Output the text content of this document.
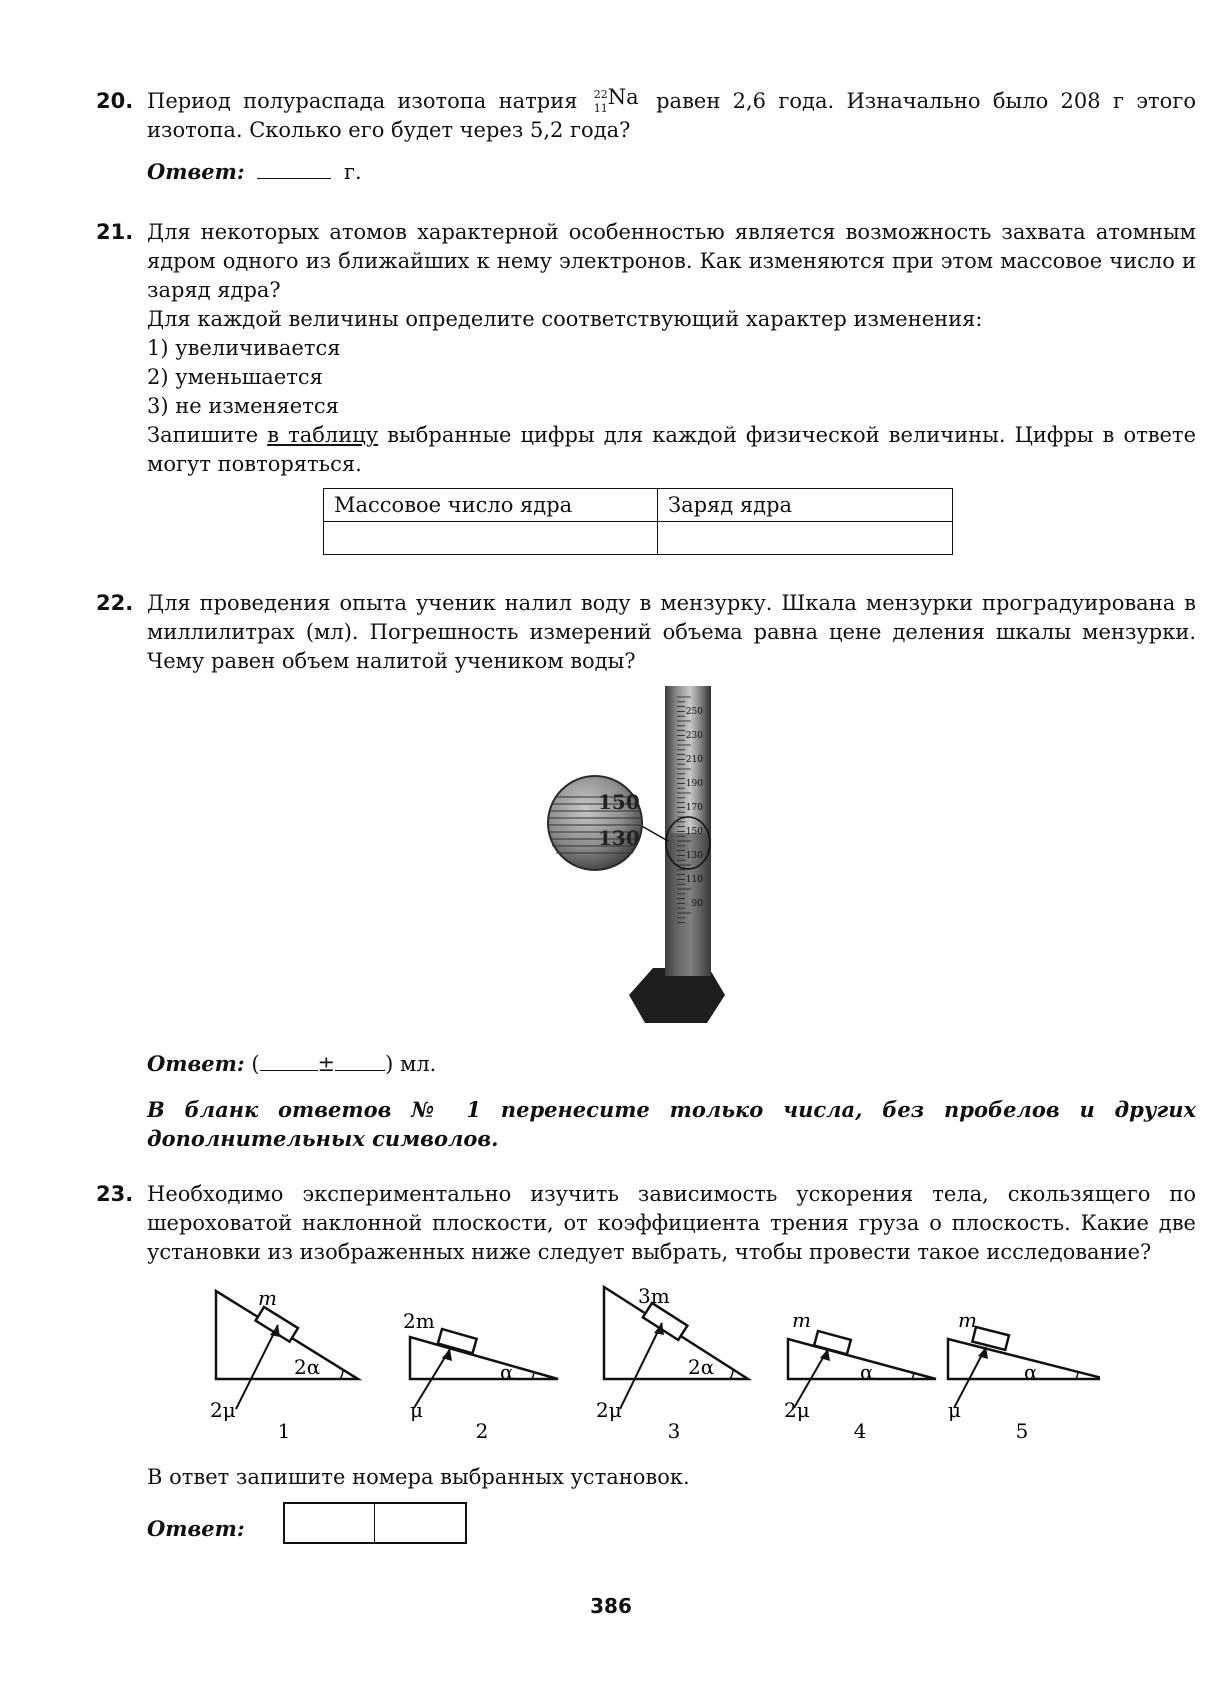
20. Период полураспада изотопа натрия 22
11 Na равен 2,6 года. Изначально было 208 г этого изотопа. Сколько его будет через 5,2 года?

Ответ:	г.

21. Для некоторых атомов характерной особенностью является возможность захвата атомным ядром одного из ближайших к нему электронов. Как изменяются при этом массовое число и заряд ядра?

Для каждой величины определите соответствующий характер изменения:

1) увеличивается

2) уменьшается

3) не изменяется

Запишите в таблицу выбранные цифры для каждой физической величины. Цифры в ответе могут повторяться.

Массовое число ядра	Заряд ядра

22. Для проведения опыта ученик налил воду в мензурку. Шкала мензурки проградуирована в миллилитрах (мл). Погрешность измерений объема равна цене деления шкалы мензурки. Чему равен объем налитой учеником воды?

250
230
210
190
170
150
130
110
90
150
130

Ответ: (	± ) мл.

В бланк ответов № 1 перенесите только числа, без пробелов и других дополнительных символов.

23. Необходимо экспериментально изучить зависимость ускорения тела, скользящего по шероховатой наклонной плоскости, от коэффициента трения груза о плоскость. Какие две установки из изображенных ниже следует выбрать, чтобы провести такое исследование?

m
2α
2μ
1
2m
α
μ
2
3m
2α
2μ
3
m
α
2μ
4
m
α
μ
5

В ответ запишите номера выбранных установок.

Ответ:

386
